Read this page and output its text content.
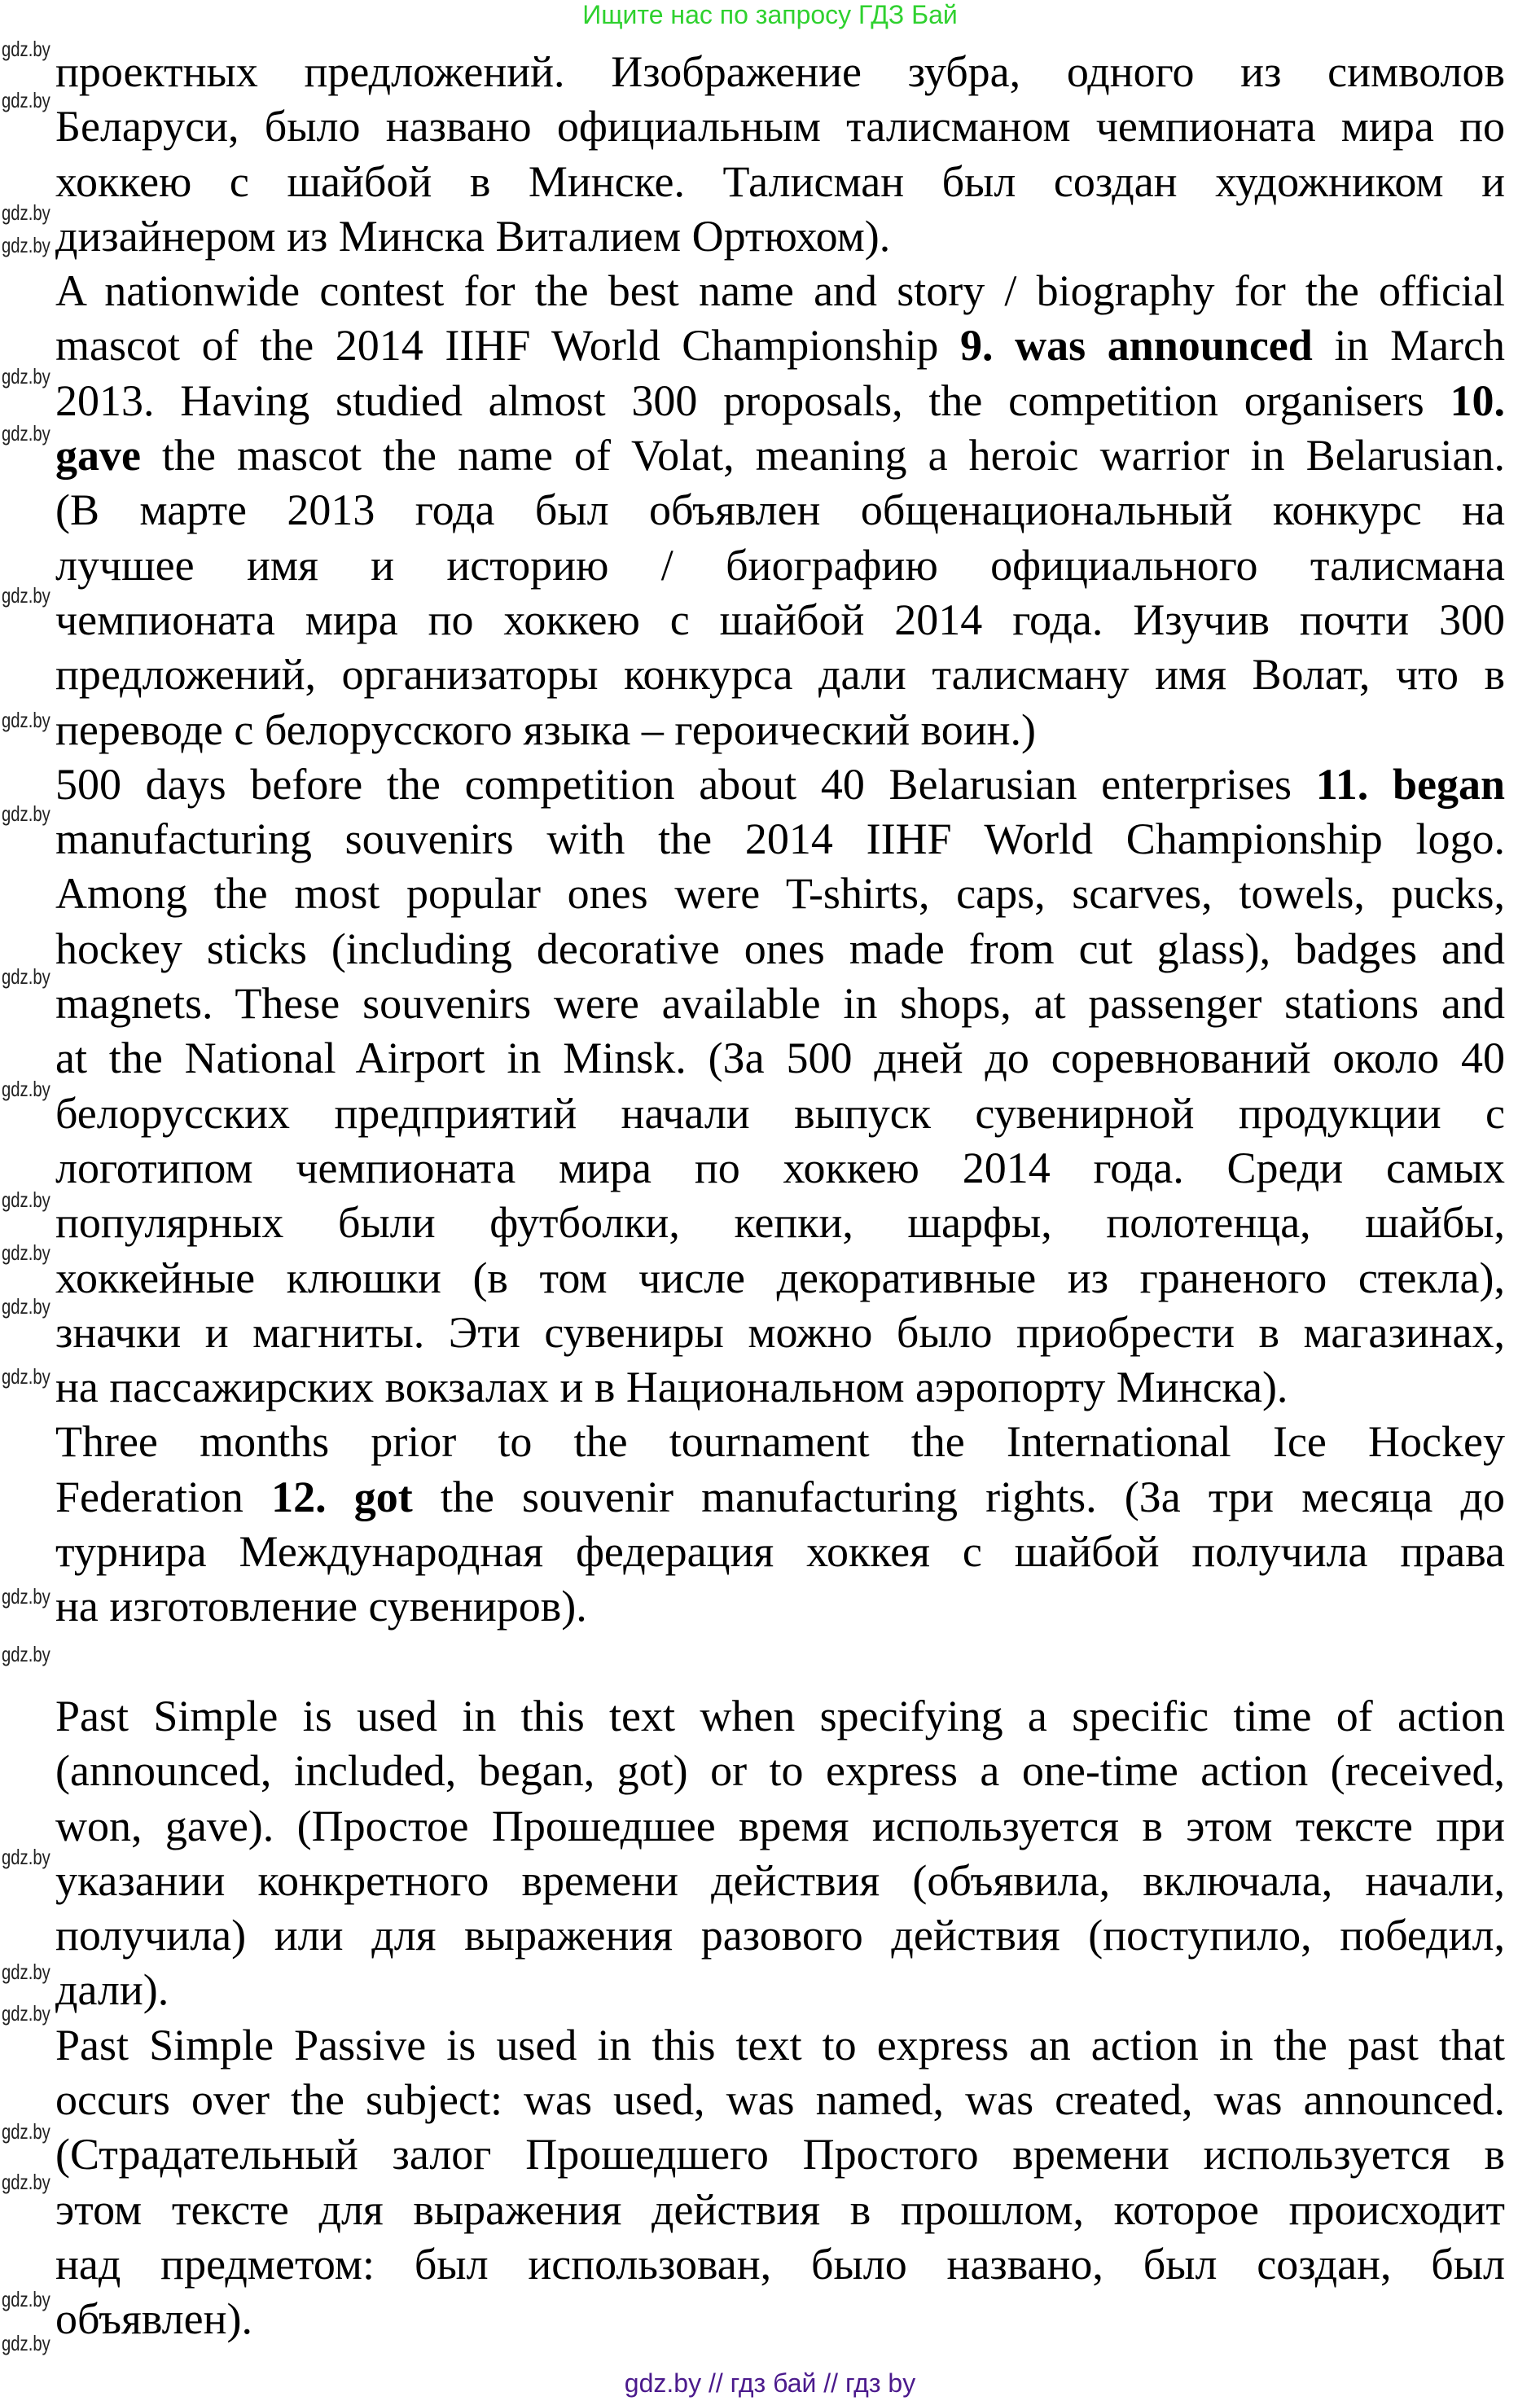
Ищите нас по запросу ГДЗ Бай
проектных предложений. Изображение зубра, одного из символов
Беларуси, было названо официальным талисманом чемпионата мира по
хоккею с шайбой в Минске. Талисман был создан художником и
дизайнером из Минска Виталием Ортюхом).
A nationwide contest for the best name and story / biography for the official
mascot of the 2014 IIHF World Championship 9. was announced in March
2013. Having studied almost 300 proposals, the competition organisers 10.
gave the mascot the name of Volat, meaning a heroic warrior in Belarusian.
(В марте 2013 года был объявлен общенациональный конкурс на
лучшее имя и историю / биографию официального талисмана
чемпионата мира по хоккею с шайбой 2014 года. Изучив почти 300
предложений, организаторы конкурса дали талисману имя Волат, что в
переводе с белорусского языка – героический воин.)
500 days before the competition about 40 Belarusian enterprises 11. began
manufacturing souvenirs with the 2014 IIHF World Championship logo.
Among the most popular ones were T-shirts, caps, scarves, towels, pucks,
hockey sticks (including decorative ones made from cut glass), badges and
magnets. These souvenirs were available in shops, at passenger stations and
at the National Airport in Minsk. (За 500 дней до соревнований около 40
белорусских предприятий начали выпуск сувенирной продукции с
логотипом чемпионата мира по хоккею 2014 года. Среди самых
популярных были футболки, кепки, шарфы, полотенца, шайбы,
хоккейные клюшки (в том числе декоративные из граненого стекла),
значки и магниты. Эти сувениры можно было приобрести в магазинах,
на пассажирских вокзалах и в Национальном аэропорту Минска).
Three months prior to the tournament the International Ice Hockey
Federation 12. got the souvenir manufacturing rights. (За три месяца до
турнира Международная федерация хоккея с шайбой получила права
на изготовление сувениров).
Past Simple is used in this text when specifying a specific time of action
(announced, included, began, got) or to express a one-time action (received,
won, gave). (Простое Прошедшее время используется в этом тексте при
указании конкретного времени действия (объявила, включала, начали,
получила) или для выражения разового действия (поступило, победил,
дали).
Past Simple Passive is used in this text to express an action in the past that
occurs over the subject: was used, was named, was created, was announced.
(Страдательный залог Прошедшего Простого времени используется в
этом тексте для выражения действия в прошлом, которое происходит
над предметом: был использован, было названо, был создан, был
объявлен).
gdz.by
gdz.by
gdz.by
gdz.by
gdz.by
gdz.by
gdz.by
gdz.by
gdz.by
gdz.by
gdz.by
gdz.by
gdz.by
gdz.by
gdz.by
gdz.by
gdz.by
gdz.by
gdz.by
gdz.by
gdz.by
gdz.by
gdz.by
gdz.by
gdz.by // гдз бай // гдз by
